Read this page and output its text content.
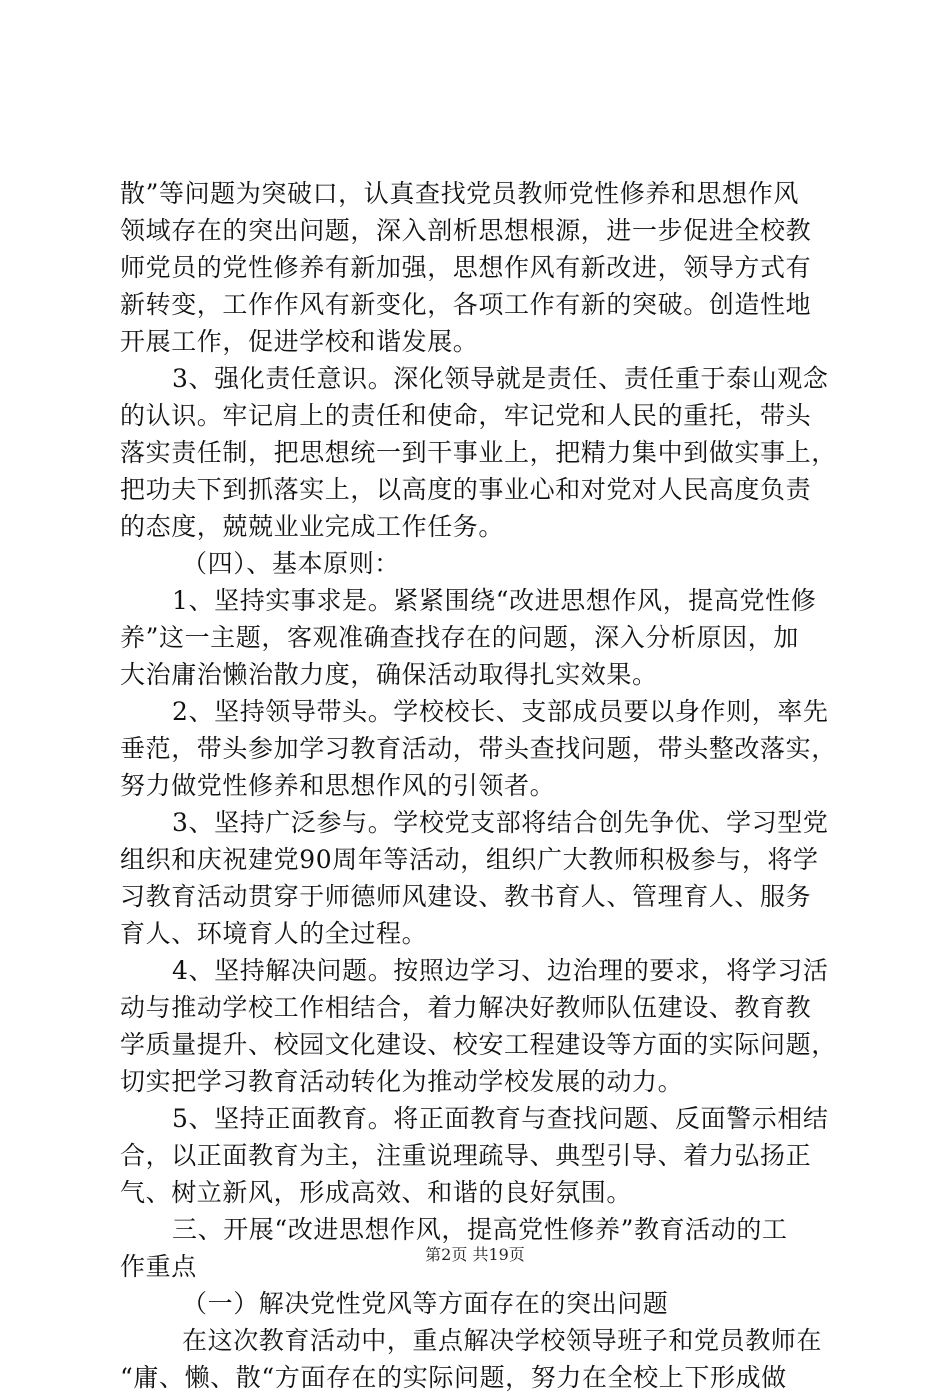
散”等问题为突破口，认真查找党员教师党性修养和思想作风
领域存在的突出问题，深入剖析思想根源，进一步促进全校教
师党员的党性修养有新加强，思想作风有新改进，领导方式有
新转变，工作作风有新变化，各项工作有新的突破。创造性地
开展工作，促进学校和谐发展。
3、强化责任意识。深化领导就是责任、责任重于泰山观念
的认识。牢记肩上的责任和使命，牢记党和人民的重托，带头
落实责任制，把思想统一到干事业上，把精力集中到做实事上，
把功夫下到抓落实上，以高度的事业心和对党对人民高度负责
的态度，兢兢业业完成工作任务。
（四）、基本原则：
1、坚持实事求是。紧紧围绕“改进思想作风，提高党性修
养”这一主题，客观准确查找存在的问题，深入分析原因，加
大治庸治懒治散力度，确保活动取得扎实效果。
2、坚持领导带头。学校校长、支部成员要以身作则，率先
垂范，带头参加学习教育活动，带头查找问题，带头整改落实，
努力做党性修养和思想作风的引领者。
3、坚持广泛参与。学校党支部将结合创先争优、学习型党
组织和庆祝建党90周年等活动，组织广大教师积极参与，将学
习教育活动贯穿于师德师风建设、教书育人、管理育人、服务
育人、环境育人的全过程。
4、坚持解决问题。按照边学习、边治理的要求，将学习活
动与推动学校工作相结合，着力解决好教师队伍建设、教育教
学质量提升、校园文化建设、校安工程建设等方面的实际问题，
切实把学习教育活动转化为推动学校发展的动力。
5、坚持正面教育。将正面教育与查找问题、反面警示相结
合，以正面教育为主，注重说理疏导、典型引导、着力弘扬正
气、树立新风，形成高效、和谐的良好氛围。
三、开展“改进思想作风，提高党性修养”教育活动的工
作重点
（一）解决党性党风等方面存在的突出问题
在这次教育活动中，重点解决学校领导班子和党员教师在
“庸、懒、散“方面存在的实际问题，努力在全校上下形成做
第2页 共19页
